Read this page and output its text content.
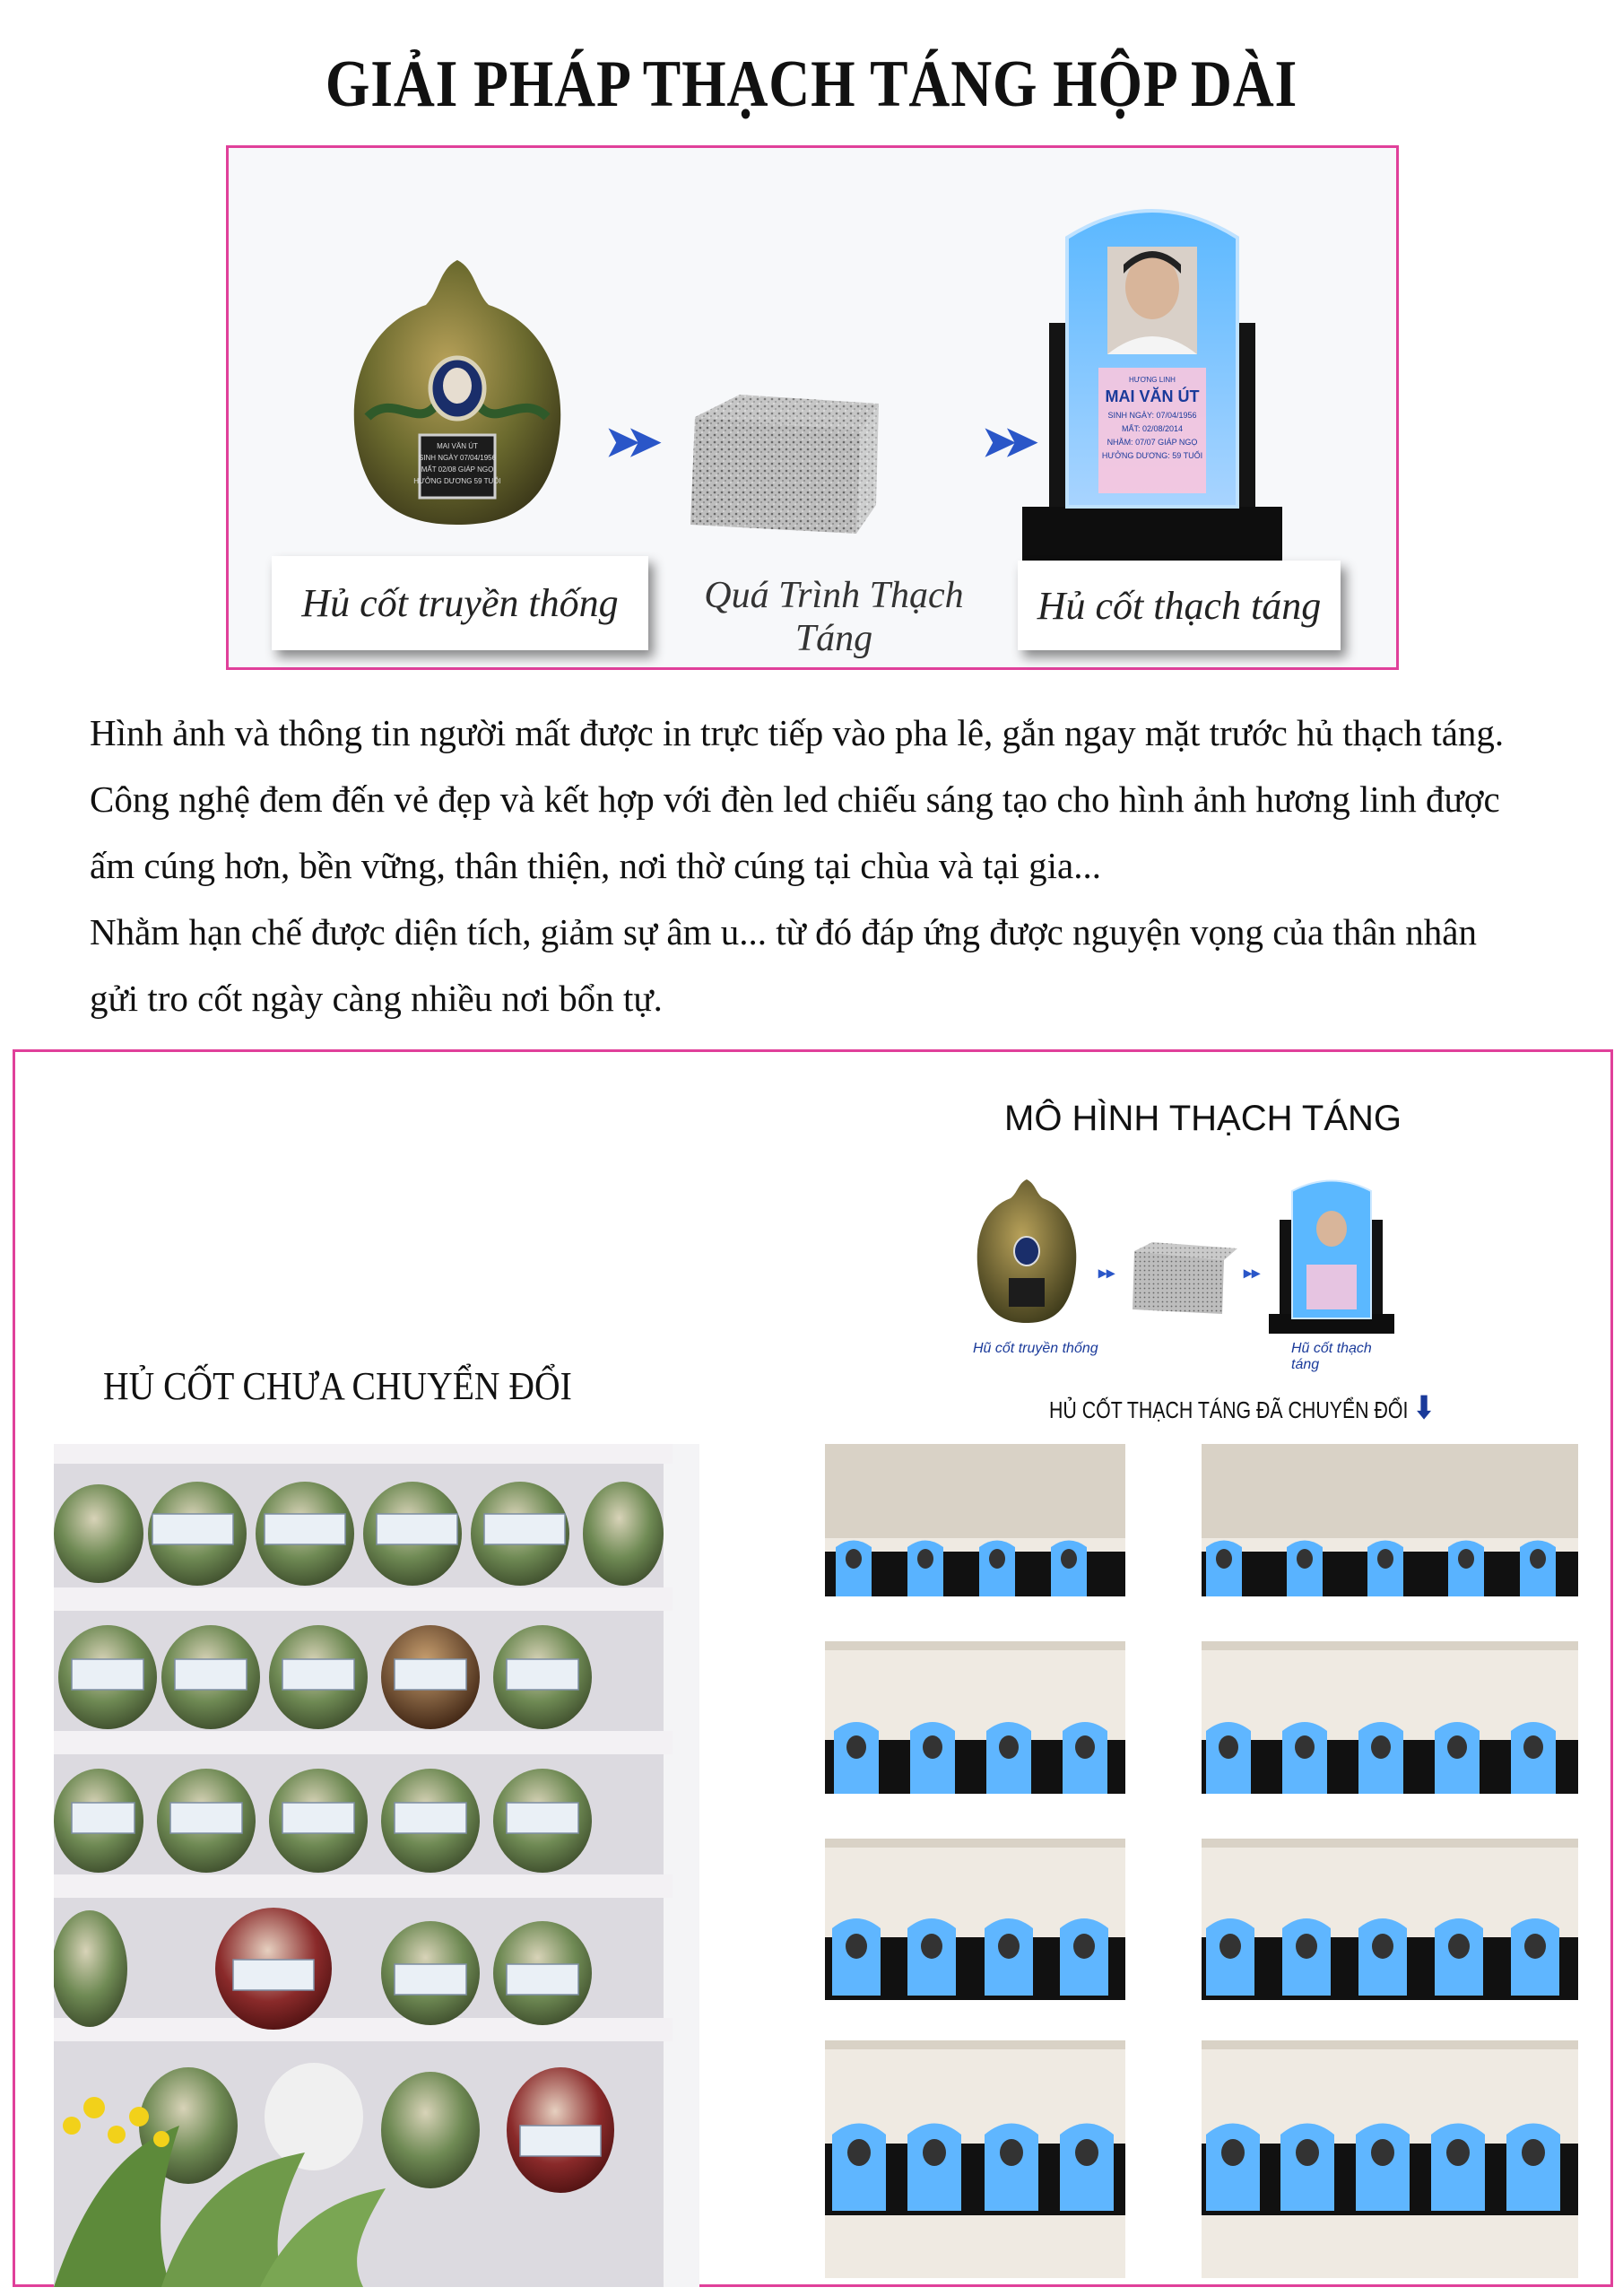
GIẢI PHÁP THẠCH TÁNG HỘP DÀI
MAI VĂN ÚT
SINH NGÀY 07/04/1956
MẤT 02/08 GIÁP NGỌ
HƯỞNG DƯƠNG 59 TUỔI
➤➤	➤➤
HƯƠNG LINH
MAI VĂN ÚT
SINH NGÀY: 07/04/1956
MẤT: 02/08/2014
NHẰM: 07/07 GIÁP NGỌ
HƯỞNG DƯƠNG: 59 TUỔI
Hủ cốt truyền thống	Quá Trình Thạch Táng
Hủ cốt thạch táng

Hình ảnh và thông tin người mất được in trực tiếp vào pha lê, gắn ngay mặt trước hủ thạch táng.

Công nghệ đem đến vẻ đẹp và kết hợp với đèn led chiếu sáng tạo cho hình ảnh hương linh được

ấm cúng hơn, bền vững, thân thiện, nơi thờ cúng tại chùa và tại gia...

Nhằm hạn chế được diện tích, giảm sự âm u... từ đó đáp ứng được nguyện vọng của thân nhân

gửi tro cốt ngày càng nhiều nơi bổn tự.

MÔ HÌNH THẠCH TÁNG
▸▸	▸▸
Hũ cốt truyền thống	Hũ cốt thạch táng
HỦ CỐT THẠCH TÁNG ĐÃ CHUYỂN ĐỔI ⬇
HỦ CỐT CHƯA CHUYỂN ĐỔI
